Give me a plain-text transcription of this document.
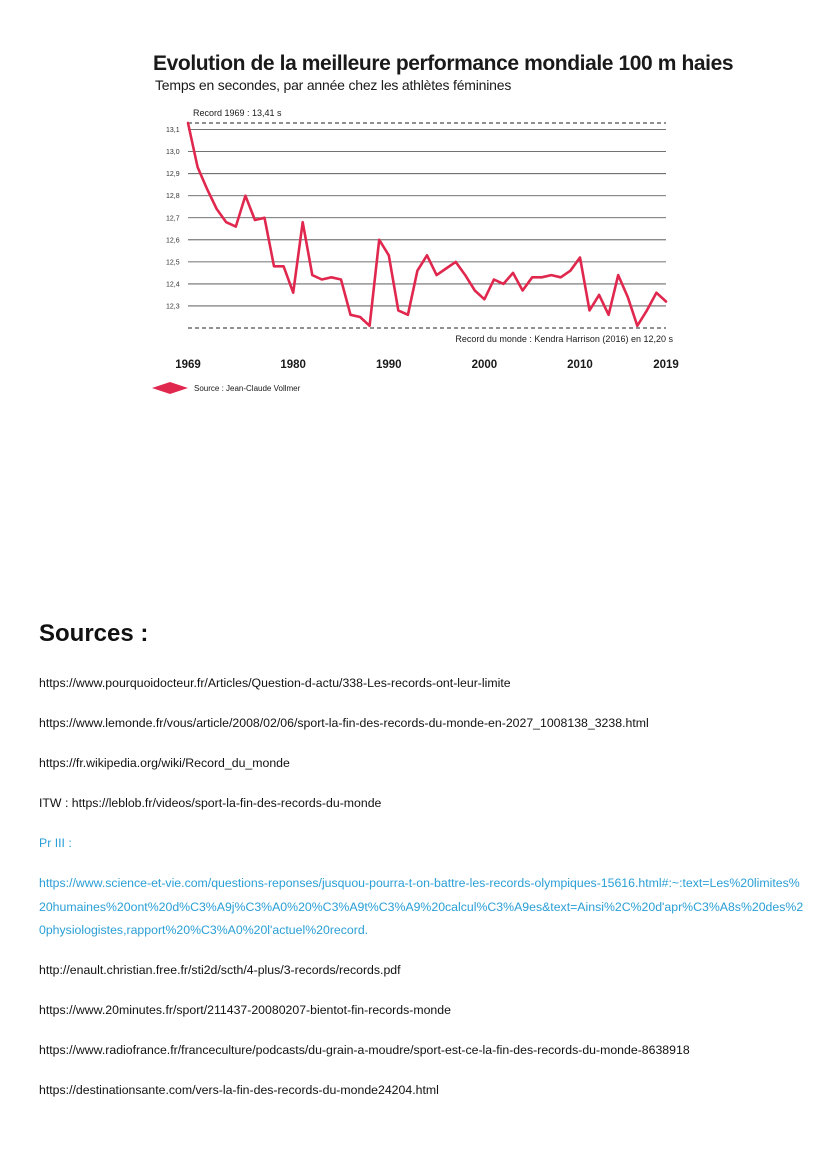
Evolution de la meilleure performance mondiale 100 m haies
Temps en secondes, par année chez les athlètes féminines
Record 1969 : 13,41 s
Record du monde : Kendra Harrison (2016) en 12,20 s
12,3
12,4
12,5
12,6
12,7
12,8
12,9
13,0
13,1
1969	1980	1990	2000	2010	2019
Source : Jean-Claude Vollmer
Sources :
https://www.pourquoidocteur.fr/Articles/Question-d-actu/338-Les-records-ont-leur-limite
https://www.lemonde.fr/vous/article/2008/02/06/sport-la-fin-des-records-du-monde-en-2027_1008138_3238.html
https://fr.wikipedia.org/wiki/Record_du_monde
ITW : https://leblob.fr/videos/sport-la-fin-des-records-du-monde
Pr III :
https://www.science-et-vie.com/questions-reponses/jusquou-pourra-t-on-battre-les-records-olympiques-15616.html#:~:text=Les%20limites%20humaines%20ont%20d%C3%A9j%C3%A0%20%C3%A9t%C3%A9%20calcul%C3%A9es&text=Ainsi%2C%20d'apr%C3%A8s%20des%20physiologistes,rapport%20%C3%A0%20l'actuel%20record.
http://enault.christian.free.fr/sti2d/scth/4-plus/3-records/records.pdf
https://www.20minutes.fr/sport/211437-20080207-bientot-fin-records-monde
https://www.radiofrance.fr/franceculture/podcasts/du-grain-a-moudre/sport-est-ce-la-fin-des-records-du-monde-8638918
https://destinationsante.com/vers-la-fin-des-records-du-monde24204.html
